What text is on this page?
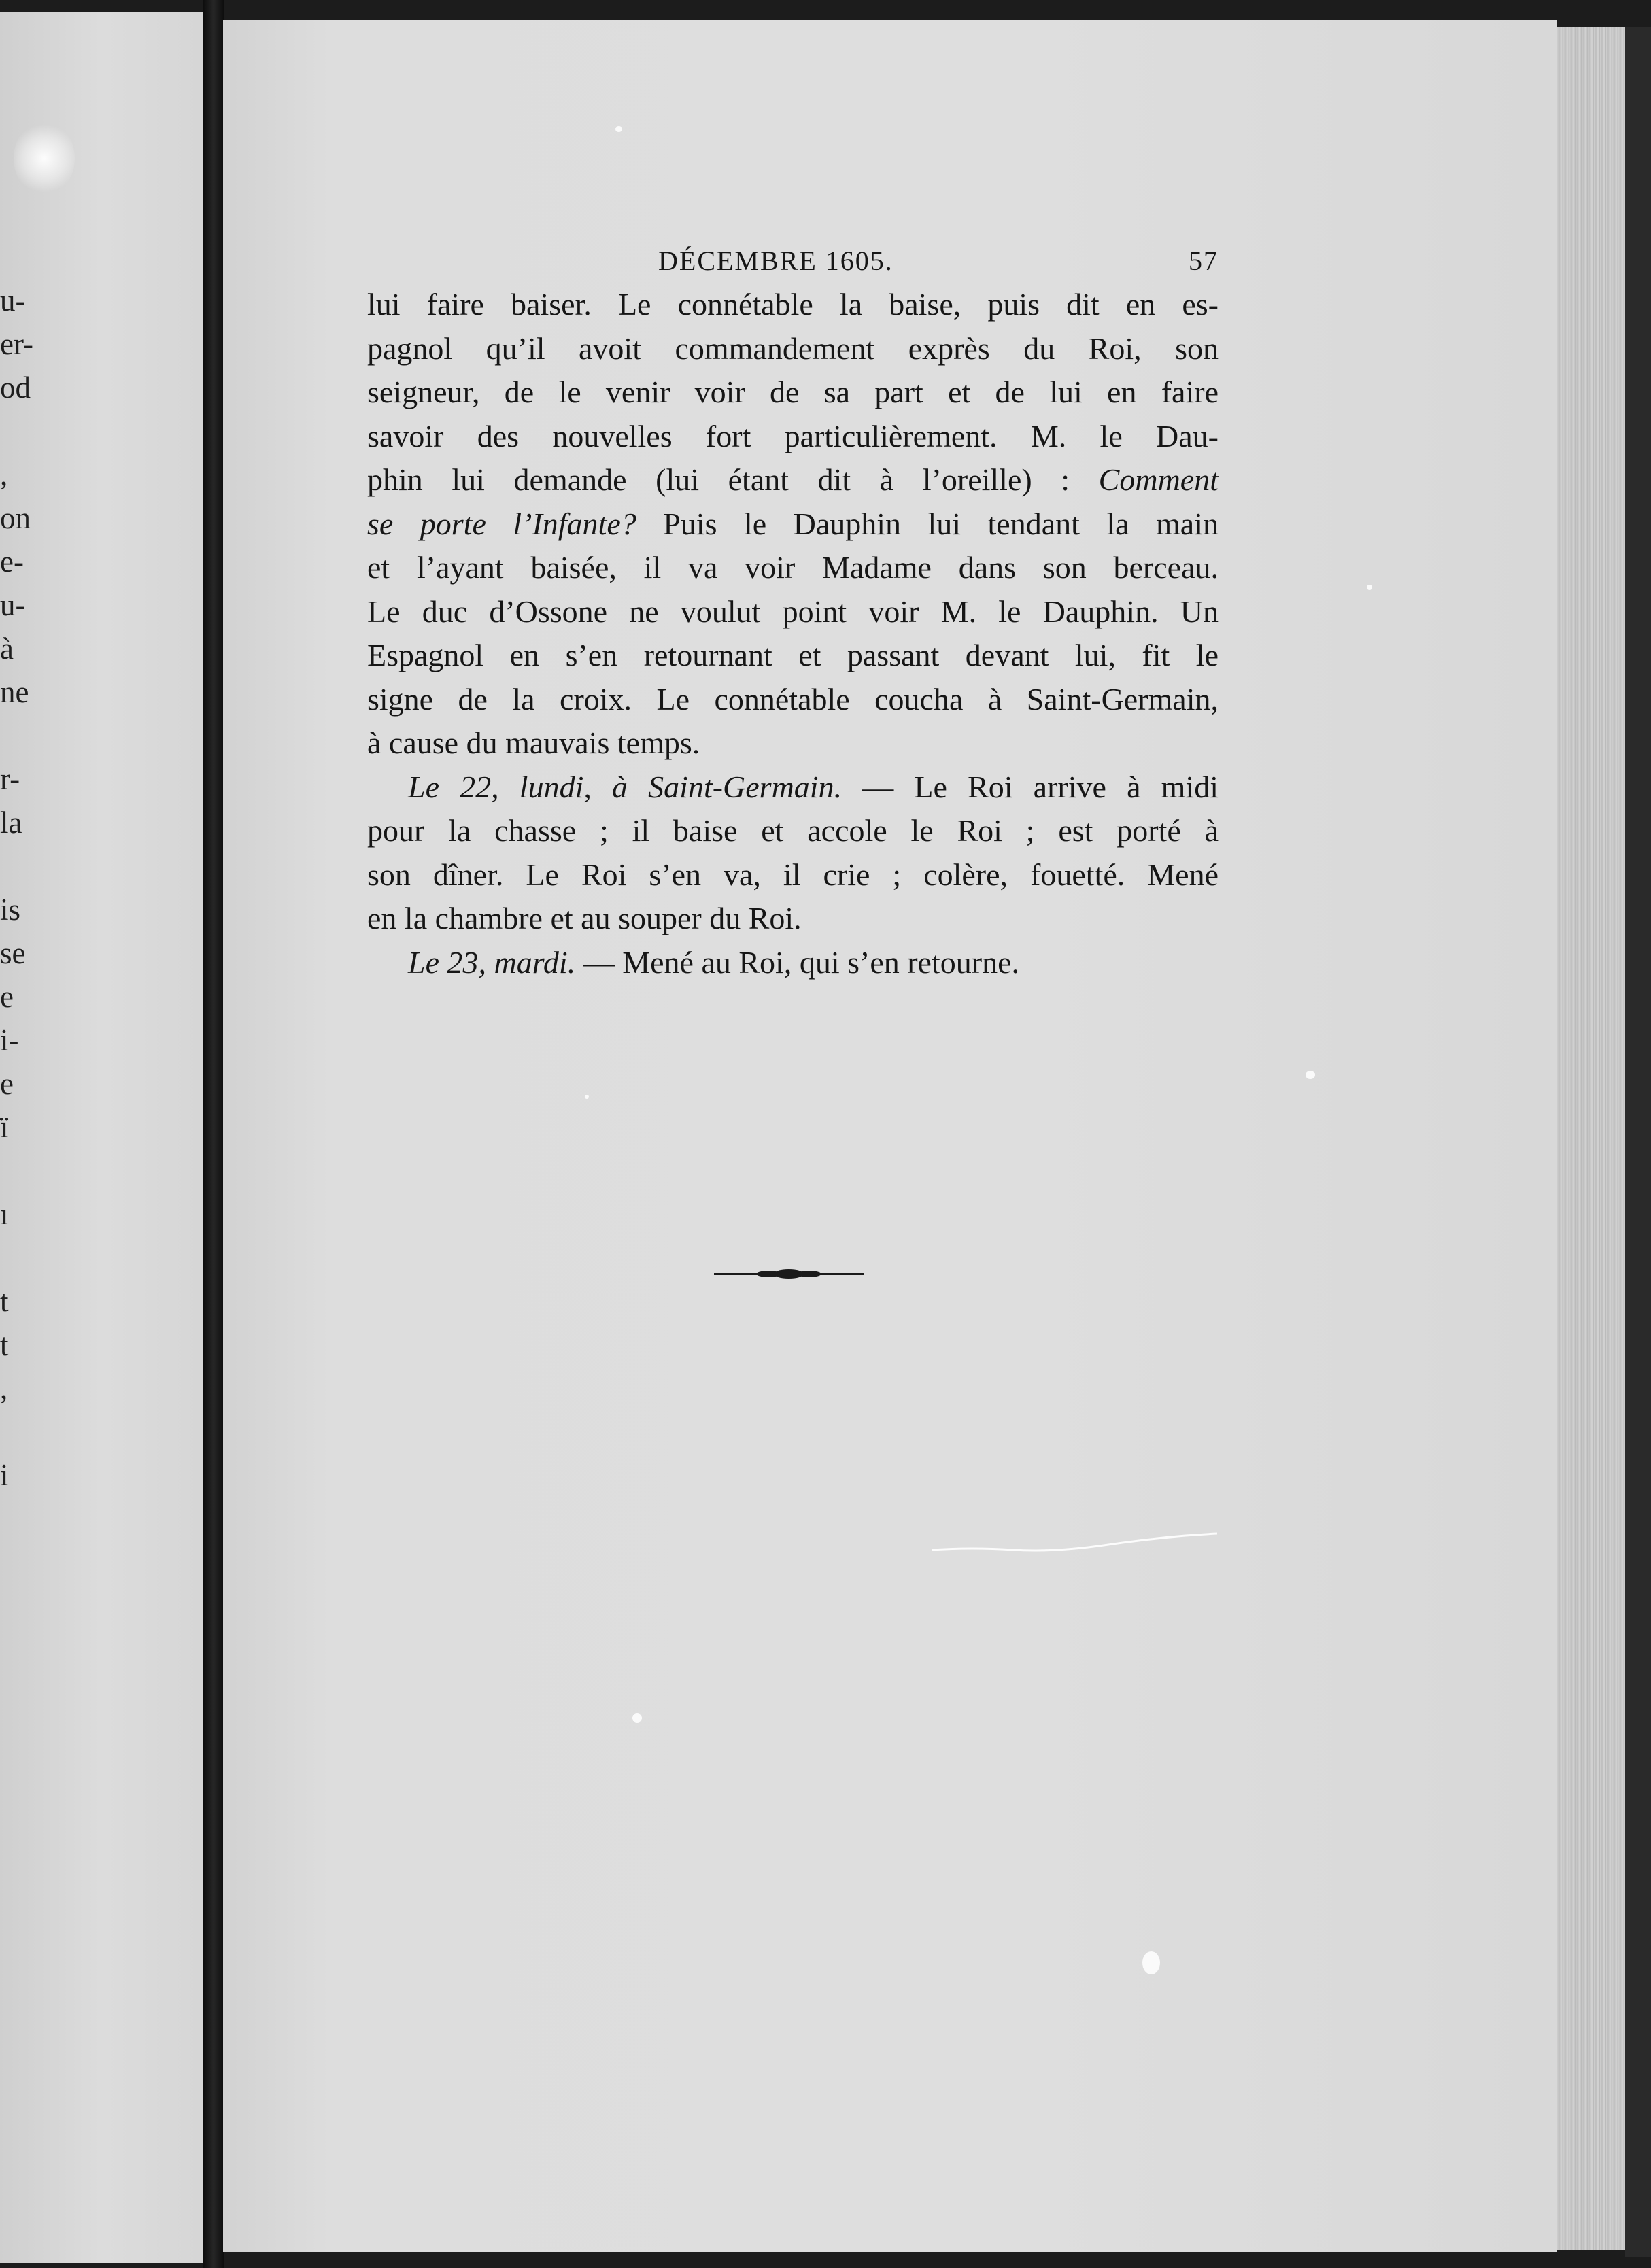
u-
er-
od
,
on
e-
u-
à
ne
r-
la
is
se
e
i-
e
ï
ı
t
t
,
i
DÉCEMBRE 1605.	57
lui faire baiser. Le connétable la baise, puis dit en es-
pagnol qu’il avoit commandement exprès du Roi, son
seigneur, de le venir voir de sa part et de lui en faire
savoir des nouvelles fort particulièrement. M. le Dau-
phin lui demande (lui étant dit à l’oreille) : Comment
se porte l’Infante? Puis le Dauphin lui tendant la main
et l’ayant baisée, il va voir Madame dans son berceau.
Le duc d’Ossone ne voulut point voir M. le Dauphin. Un
Espagnol en s’en retournant et passant devant lui, fit le
signe de la croix. Le connétable coucha à Saint-Germain,
à cause du mauvais temps.
Le 22, lundi, à Saint-Germain. — Le Roi arrive à midi
pour la chasse ; il baise et accole le Roi ; est porté à
son dîner. Le Roi s’en va, il crie ; colère, fouetté. Mené
en la chambre et au souper du Roi.
Le 23, mardi. — Mené au Roi, qui s’en retourne.
